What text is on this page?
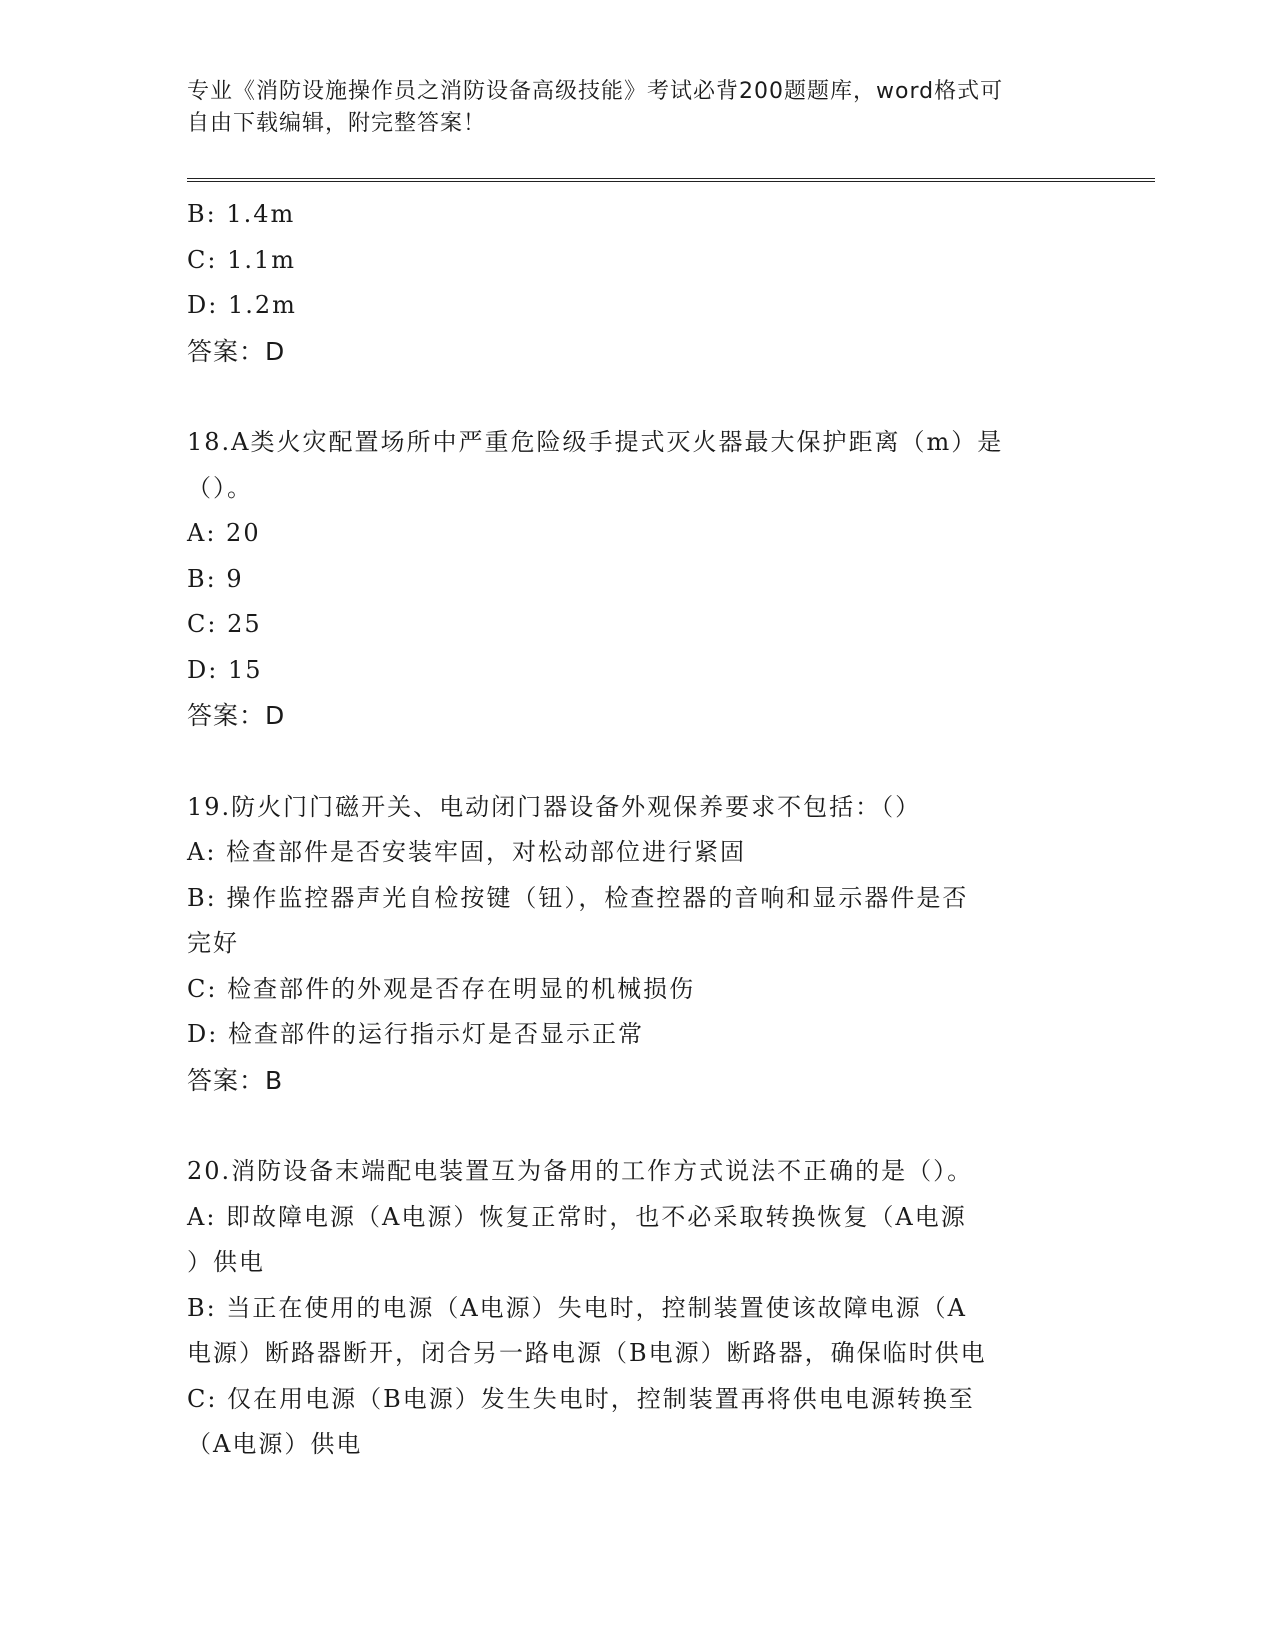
专业《消防设施操作员之消防设备高级技能》考试必背200题题库，word格式可
自由下载编辑，附完整答案！
B: 1.4m
C: 1.1m
D: 1.2m
答案：D
18.A类火灾配置场所中严重危险级手提式灭火器最大保护距离（m）是
（）。
A: 20
B: 9
C: 25
D: 15
答案：D
19.防火门门磁开关、电动闭门器设备外观保养要求不包括：（）
A: 检查部件是否安装牢固，对松动部位进行紧固
B: 操作监控器声光自检按键（钮），检查控器的音响和显示器件是否
完好
C: 检查部件的外观是否存在明显的机械损伤
D: 检查部件的运行指示灯是否显示正常
答案：B
20.消防设备末端配电装置互为备用的工作方式说法不正确的是（）。
A: 即故障电源（A电源）恢复正常时，也不必采取转换恢复（A电源
）供电
B: 当正在使用的电源（A电源）失电时，控制装置使该故障电源（A
电源）断路器断开，闭合另一路电源（B电源）断路器，确保临时供电
C: 仅在用电源（B电源）发生失电时，控制装置再将供电电源转换至
（A电源）供电
